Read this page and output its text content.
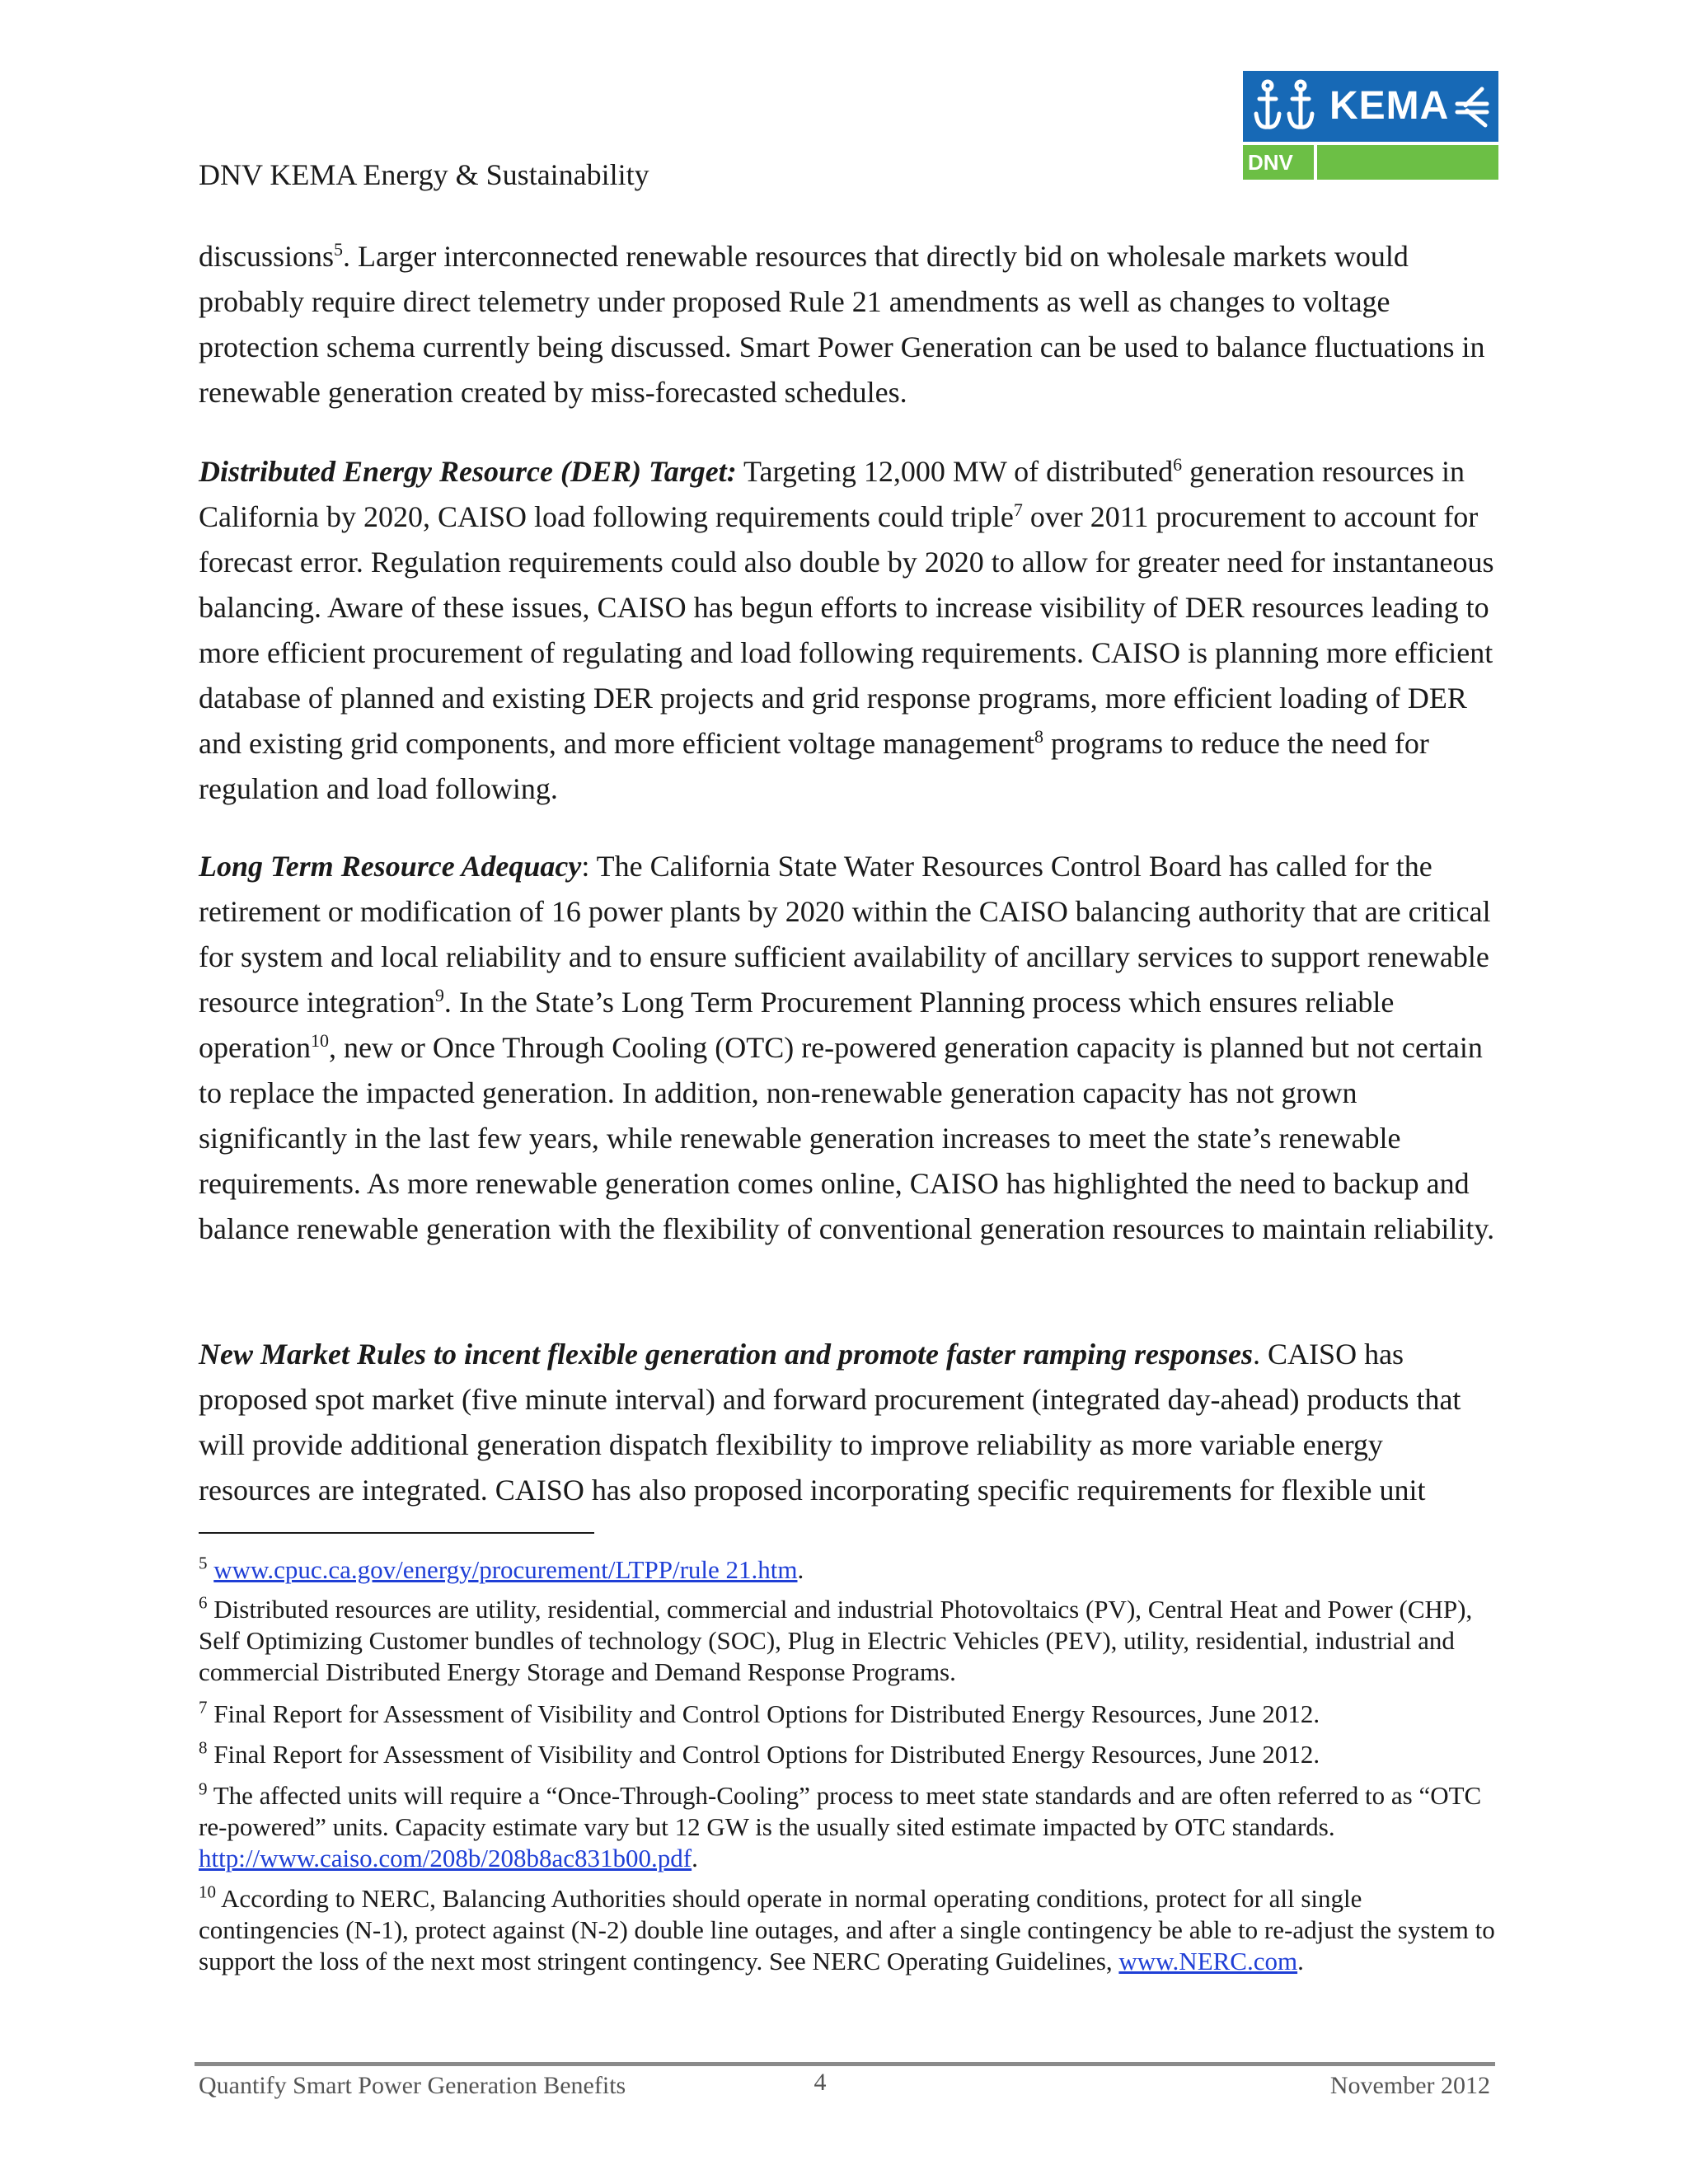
DNV KEMA Energy & Sustainability
KEMA
DNV

discussions$^5$. Larger interconnected renewable resources that directly bid on wholesale markets would probably require direct telemetry under proposed Rule 21 amendments as well as changes to voltage protection schema currently being discussed. Smart Power Generation can be used to balance fluctuations in renewable generation created by miss-forecasted schedules.

Distributed Energy Resource (DER) Target: Targeting 12,000 MW of distributed$^6$ generation resources in California by 2020, CAISO load following requirements could triple$^7$ over 2011 procurement to account for forecast error. Regulation requirements could also double by 2020 to allow for greater need for instantaneous balancing. Aware of these issues, CAISO has begun efforts to increase visibility of DER resources leading to more efficient procurement of regulating and load following requirements. CAISO is planning more efficient database of planned and existing DER projects and grid response programs, more efficient loading of DER and existing grid components, and more efficient voltage management$^8$ programs to reduce the need for regulation and load following.

Long Term Resource Adequacy: The California State Water Resources Control Board has called for the retirement or modification of 16 power plants by 2020 within the CAISO balancing authority that are critical for system and local reliability and to ensure sufficient availability of ancillary services to support renewable resource integration$^9$. In the State’s Long Term Procurement Planning process which ensures reliable operation$^{10}$, new or Once Through Cooling (OTC) re-powered generation capacity is planned but not certain to replace the impacted generation. In addition, non-renewable generation capacity has not grown significantly in the last few years, while renewable generation increases to meet the state’s renewable requirements. As more renewable generation comes online, CAISO has highlighted the need to backup and balance renewable generation with the flexibility of conventional generation resources to maintain reliability.

New Market Rules to incent flexible generation and promote faster ramping responses. CAISO has proposed spot market (five minute interval) and forward procurement (integrated day-ahead) products that will provide additional generation dispatch flexibility to improve reliability as more variable energy resources are integrated. CAISO has also proposed incorporating specific requirements for flexible unit

$^5$ www.cpuc.ca.gov/energy/procurement/LTPP/rule 21.htm.

$^6$ Distributed resources are utility, residential, commercial and industrial Photovoltaics (PV), Central Heat and Power (CHP), Self Optimizing Customer bundles of technology (SOC), Plug in Electric Vehicles (PEV), utility, residential, industrial and commercial Distributed Energy Storage and Demand Response Programs.

$^7$ Final Report for Assessment of Visibility and Control Options for Distributed Energy Resources, June 2012.

$^8$ Final Report for Assessment of Visibility and Control Options for Distributed Energy Resources, June 2012.

$^9$ The affected units will require a “Once-Through-Cooling” process to meet state standards and are often referred to as “OTC re-powered” units. Capacity estimate vary but 12 GW is the usually sited estimate impacted by OTC standards. http://www.caiso.com/208b/208b8ac831b00.pdf.

$^{10}$ According to NERC, Balancing Authorities should operate in normal operating conditions, protect for all single contingencies (N-1), protect against (N-2) double line outages, and after a single contingency be able to re-adjust the system to support the loss of the next most stringent contingency. See NERC Operating Guidelines, www.NERC.com.

Quantify Smart Power Generation Benefits	4	November 2012
